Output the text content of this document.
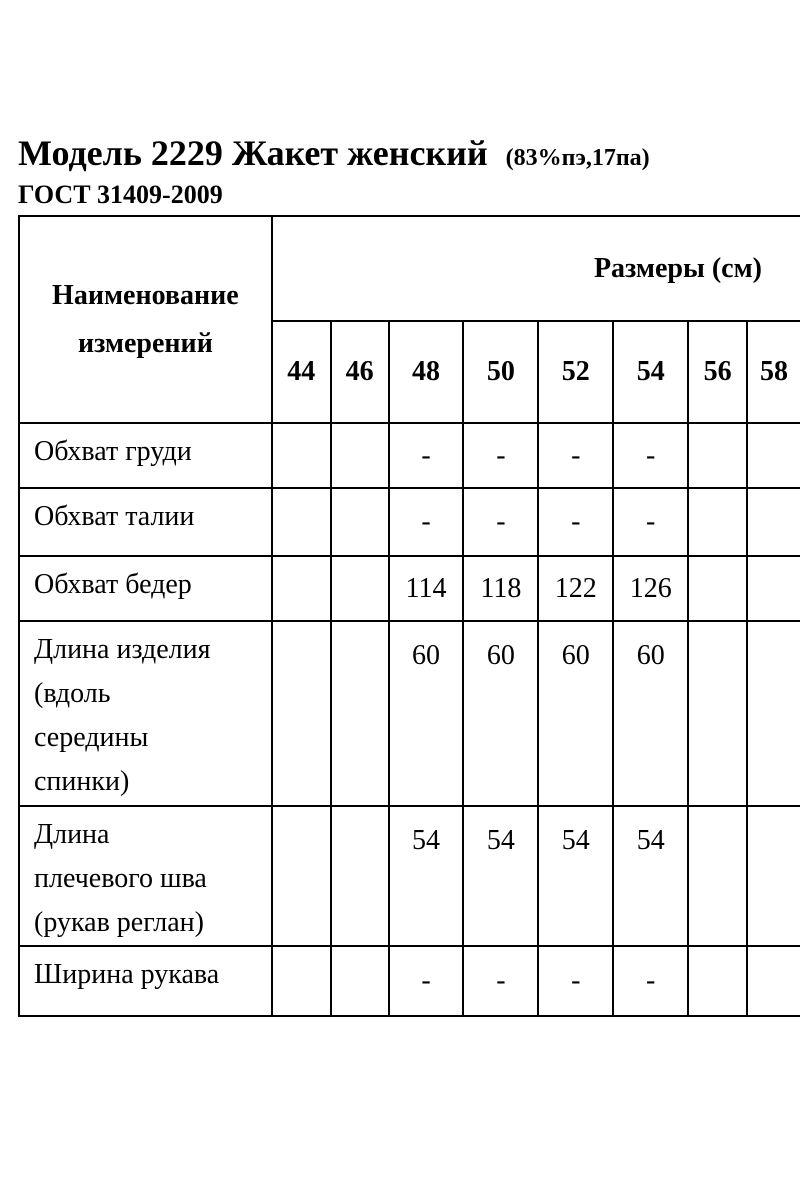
Модель 2229 Жакет женский (83%пэ,17па)
ГОСТ 31409-2009
Наименование
измерений	Размеры (см)							
	44	46	48	50	52	54	56	58
Обхват груди			-	-	-	-		
Обхват талии			-	-	-	-		
Обхват бедер			114	118	122	126		
Длина изделия
(вдоль
середины
спинки)			60	60	60	60		
Длина
плечевого шва
(рукав реглан)			54	54	54	54		
Ширина рукава			-	-	-	-		
